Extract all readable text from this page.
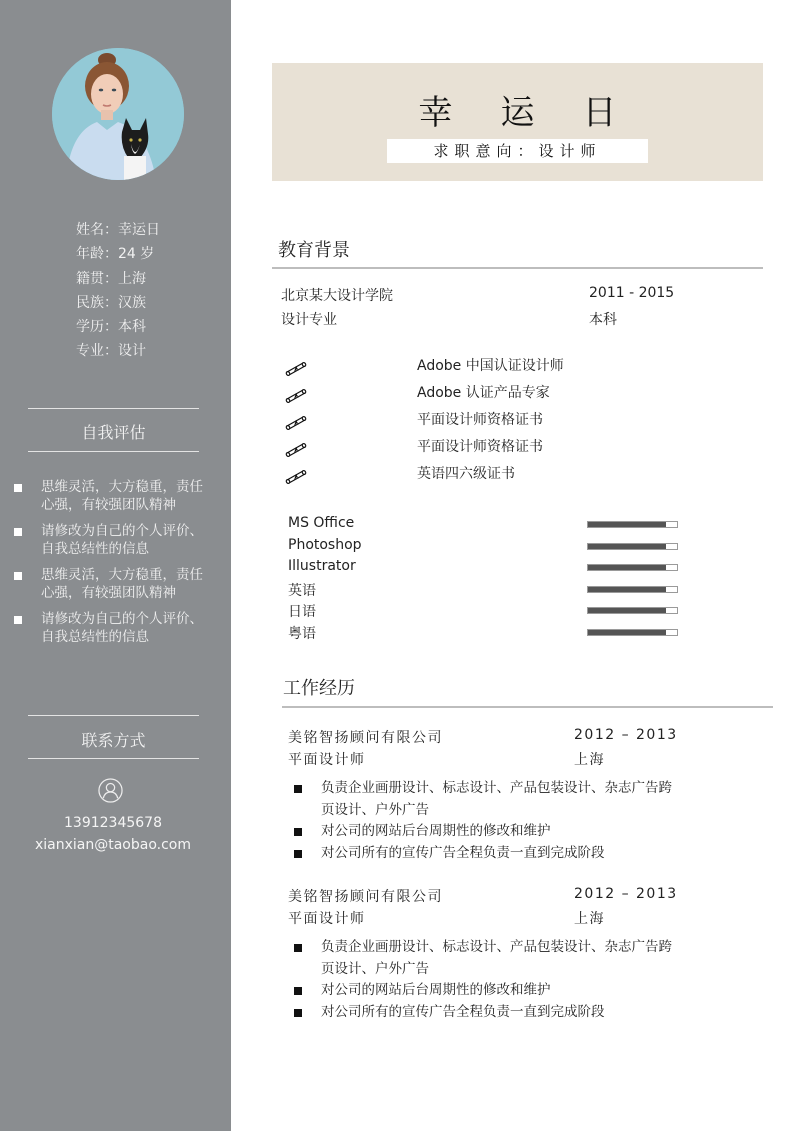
姓名：幸运日
年龄：24 岁
籍贯：上海
民族：汉族
学历：本科
专业：设计
自我评估
思维灵活，大方稳重，责任心强，有较强团队精神
请修改为自己的个人评价、自我总结性的信息
思维灵活，大方稳重，责任心强，有较强团队精神
请修改为自己的个人评价、自我总结性的信息
联系方式
13912345678
xianxian@taobao.com
幸运日
求职意向：设计师
教育背景
北京某大设计学院	2011 - 2015
设计专业	本科
Adobe 中国认证设计师
Adobe 认证产品专家
平面设计师资格证书
平面设计师资格证书
英语四六级证书
MS Office
Photoshop
Illustrator
英语
日语
粤语
工作经历
美铭智扬顾问有限公司	2012 – 2013
平面设计师	上海
负责企业画册设计、标志设计、产品包装设计、杂志广告跨页设计、户外广告
对公司的网站后台周期性的修改和维护
对公司所有的宣传广告全程负责一直到完成阶段
美铭智扬顾问有限公司	2012 – 2013
平面设计师	上海
负责企业画册设计、标志设计、产品包装设计、杂志广告跨页设计、户外广告
对公司的网站后台周期性的修改和维护
对公司所有的宣传广告全程负责一直到完成阶段
